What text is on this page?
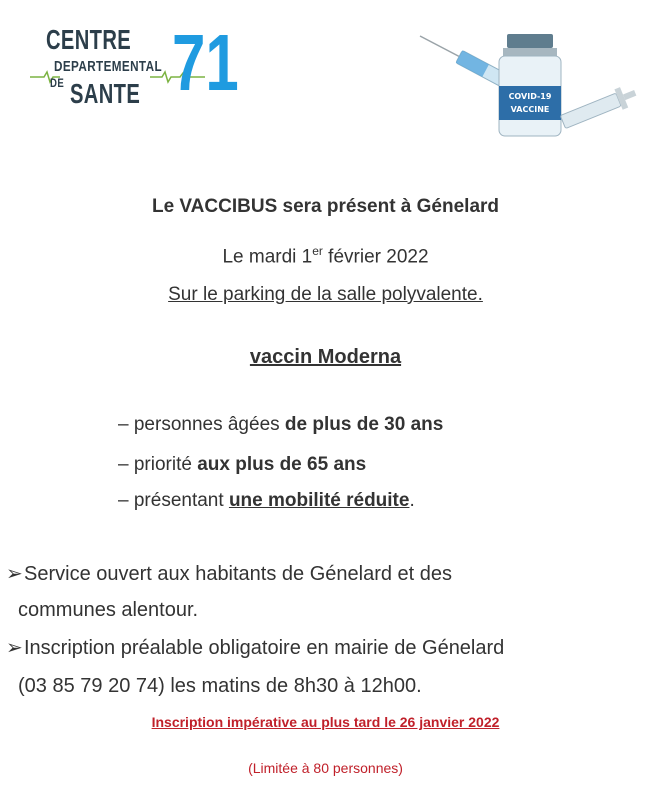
CENTRE
DEPARTEMENTAL
DE SANTE 71	COVID-19
VACCINE
Le VACCIBUS sera présent à Génelard
Le mardi 1er février 2022
Sur le parking de la salle polyvalente.
vaccin Moderna
– personnes âgées de plus de 30 ans
– priorité aux plus de 65 ans
– présentant une mobilité réduite.
➢Service ouvert aux habitants de Génelard et des
communes alentour.
➢Inscription préalable obligatoire en mairie de Génelard
(03 85 79 20 74) les matins de 8h30 à 12h00.
Inscription impérative au plus tard le 26 janvier 2022
(Limitée à 80 personnes)
